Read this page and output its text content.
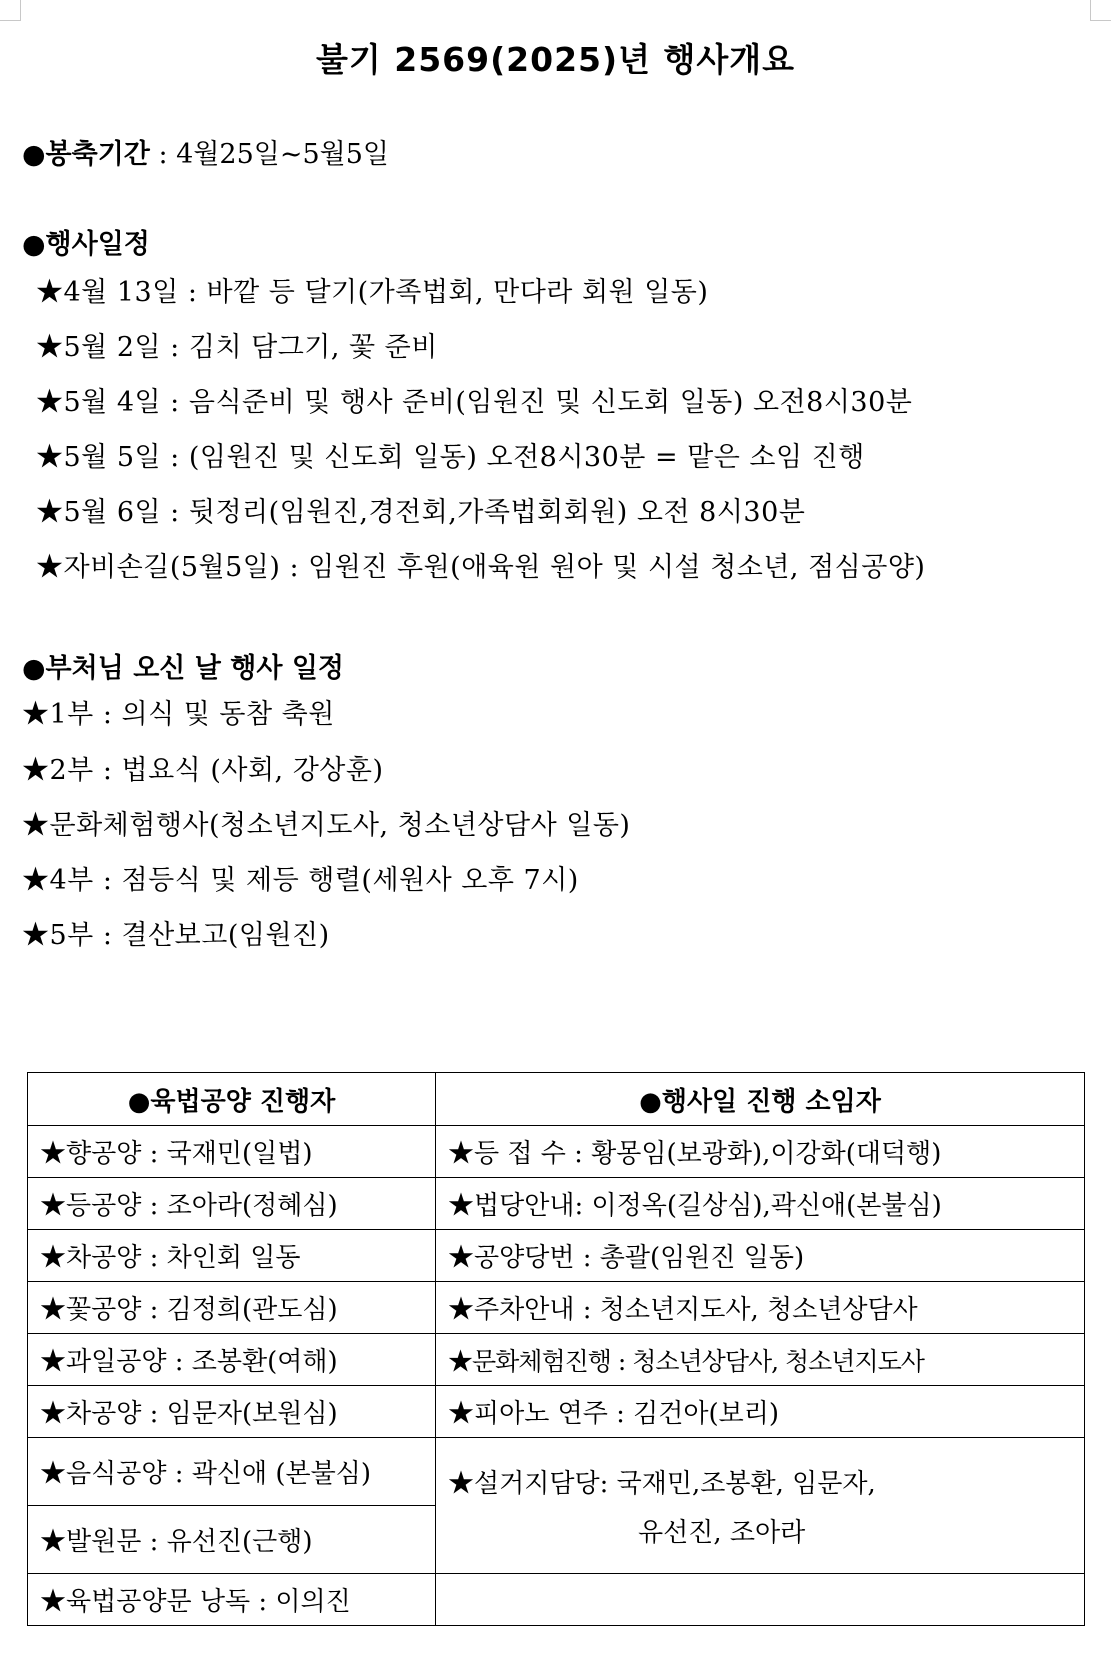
불기 2569(2025)년 행사개요
●봉축기간 : 4월25일~5월5일
●행사일정
★4월 13일 : 바깥 등 달기(가족법회, 만다라 회원 일동)
★5월 2일 : 김치 담그기, 꽃 준비
★5월 4일 : 음식준비 및 행사 준비(임원진 및 신도회 일동) 오전8시30분
★5월 5일 : (임원진 및 신도회 일동) 오전8시30분 = 맡은 소임 진행
★5월 6일 : 뒷정리(임원진,경전회,가족법회회원) 오전 8시30분
★자비손길(5월5일) : 임원진 후원(애육원 원아 및 시설 청소년, 점심공양)
●부처님 오신 날 행사 일정
★1부 : 의식 및 동참 축원
★2부 : 법요식 (사회, 강상훈)
★문화체험행사(청소년지도사, 청소년상담사 일동)
★4부 : 점등식 및 제등 행렬(세원사 오후 7시)
★5부 : 결산보고(임원진)
●육법공양 진행자	●행사일 진행 소임자
★향공양 : 국재민(일법)	★등 접 수 : 황몽임(보광화),이강화(대덕행)
★등공양 : 조아라(정혜심)	★법당안내: 이정옥(길상심),곽신애(본불심)
★차공양 : 차인회 일동	★공양당번 : 총괄(임원진 일동)
★꽃공양 : 김정희(관도심)	★주차안내 : 청소년지도사, 청소년상담사
★과일공양 : 조봉환(여해)	★문화체험진행 : 청소년상담사, 청소년지도사
★차공양 : 임문자(보원심)	★피아노 연주 : 김건아(보리)
★음식공양 : 곽신애 (본불심)	★설거지담당: 국재민,조봉환, 임문자,
유선진, 조아라

★발원문 : 유선진(근행)	
★육법공양문 낭독 : 이의진	
